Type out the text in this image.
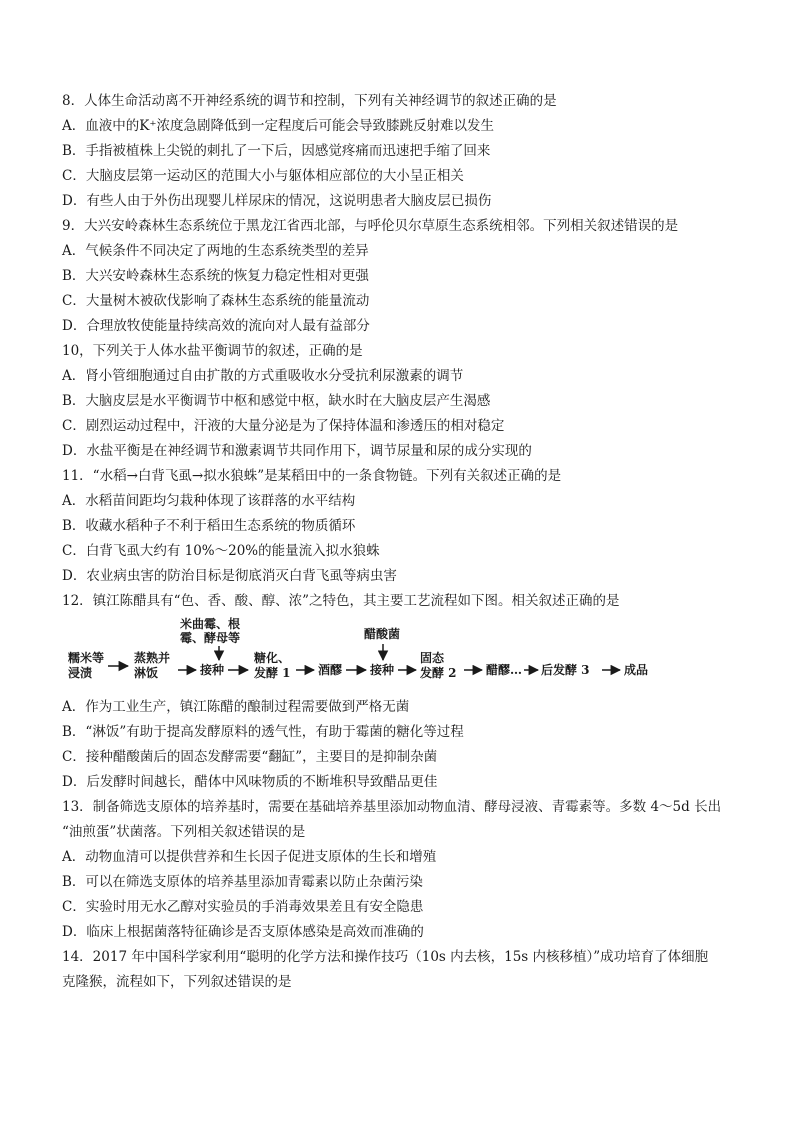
8．人体生命活动离不开神经系统的调节和控制，下列有关神经调节的叙述正确的是
A．血液中的K⁺浓度急剧降低到一定程度后可能会导致膝跳反射难以发生
B．手指被植株上尖锐的刺扎了一下后，因感觉疼痛而迅速把手缩了回来
C．大脑皮层第一运动区的范围大小与躯体相应部位的大小呈正相关
D．有些人由于外伤出现婴儿样尿床的情况，这说明患者大脑皮层已损伤
9．大兴安岭森林生态系统位于黑龙江省西北部，与呼伦贝尔草原生态系统相邻。下列相关叙述错误的是
A．气候条件不同决定了两地的生态系统类型的差异
B．大兴安岭森林生态系统的恢复力稳定性相对更强
C．大量树木被砍伐影响了森林生态系统的能量流动
D．合理放牧使能量持续高效的流向对人最有益部分
10，下列关于人体水盐平衡调节的叙述，正确的是
A．肾小管细胞通过自由扩散的方式重吸收水分受抗利尿激素的调节
B．大脑皮层是水平衡调节中枢和感觉中枢，缺水时在大脑皮层产生渴感
C．剧烈运动过程中，汗液的大量分泌是为了保持体温和渗透压的相对稳定
D．水盐平衡是在神经调节和激素调节共同作用下，调节尿量和尿的成分实现的
11．“水稻→白背飞虱→拟水狼蛛”是某稻田中的一条食物链。下列有关叙述正确的是
A．水稻苗间距均匀栽种体现了该群落的水平结构
B．收藏水稻种子不利于稻田生态系统的物质循环
C．白背飞虱大约有 10%～20%的能量流入拟水狼蛛
D．农业病虫害的防治目标是彻底消灭白背飞虱等病虫害
12．镇江陈醋具有“色、香、酸、醇、浓”之特色，其主要工艺流程如下图。相关叙述正确的是
糯米等
浸渍
蒸熟并
淋饭
米曲霉、根
霉、酵母等
接种
糖化、
发酵 1 酒醪
醋酸菌
接种
固态
发酵 2 醋醪… 后发酵 3	成品
A．作为工业生产，镇江陈醋的酿制过程需要做到严格无菌
B．“淋饭”有助于提高发酵原料的透气性，有助于霉菌的糖化等过程
C．接种醋酸菌后的固态发酵需要“翻缸”，主要目的是抑制杂菌
D．后发酵时间越长，醋体中风味物质的不断堆积导致醋品更佳
13．制备筛选支原体的培养基时，需要在基础培养基里添加动物血清、酵母浸液、青霉素等。多数 4～5d 长出
“油煎蛋”状菌落。下列相关叙述错误的是
A．动物血清可以提供营养和生长因子促进支原体的生长和增殖
B．可以在筛选支原体的培养基里添加青霉素以防止杂菌污染
C．实验时用无水乙醇对实验员的手消毒效果差且有安全隐患
D．临床上根据菌落特征确诊是否支原体感染是高效而准确的
14．2017 年中国科学家利用“聪明的化学方法和操作技巧（10s 内去核，15s 内核移植）”成功培育了体细胞
克隆猴，流程如下，下列叙述错误的是
